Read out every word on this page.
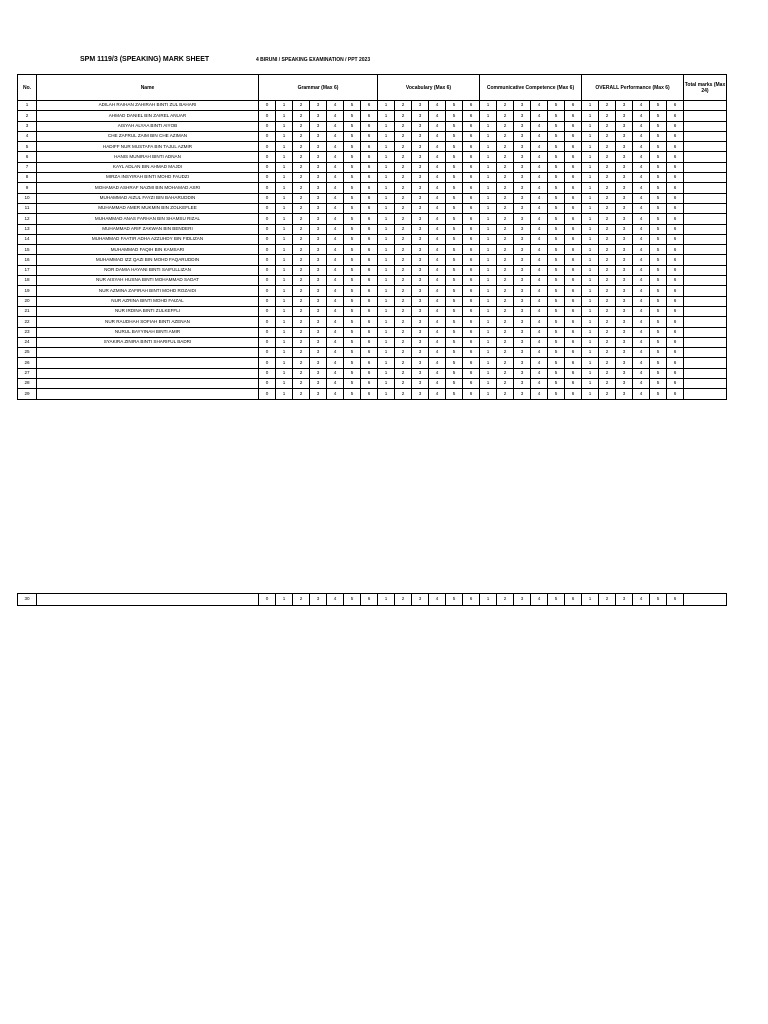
SPM 1119/3 (SPEAKING) MARK SHEET	4 BIRUNI / SPEAKING EXAMINATION / PPT 2023
No.	Name	Grammar (Max 6)							Vocabulary (Max 6)						Communicative Competence (Max 6)						OVERALL Performance (Max 6)						Total marks (Max 24)
1	ADILAH RAIHAN ZAHIRAH BINTI ZUL BAHARI	0	1	2	3	4	5	6	1	2	3	4	5	6	1	2	3	4	5	6	1	2	3	4	5	6	
2	AHMAD DANIEL BIN ZAIREL ANUAR	0	1	2	3	4	5	6	1	2	3	4	5	6	1	2	3	4	5	6	1	2	3	4	5	6	
3	AISYAH ALYAA BINTI AIYOB	0	1	2	3	4	5	6	1	2	3	4	5	6	1	2	3	4	5	6	1	2	3	4	5	6	
4	CHE ZAFRUL ZAIM BIN CHE AZIMAN	0	1	2	3	4	5	6	1	2	3	4	5	6	1	2	3	4	5	6	1	2	3	4	5	6	
5	HADIFF NUR MUSTAFA BIN TAJUL AZMIR	0	1	2	3	4	5	6	1	2	3	4	5	6	1	2	3	4	5	6	1	2	3	4	5	6	
6	HANIS MUNIRAH BINTI ADNAN	0	1	2	3	4	5	6	1	2	3	4	5	6	1	2	3	4	5	6	1	2	3	4	5	6	
7	KAYL ADLAN BIN AHMAD MAJDI	0	1	2	3	4	5	6	1	2	3	4	5	6	1	2	3	4	5	6	1	2	3	4	5	6	
8	MIRZA INSYIRAH BINTI MOHD FAUDZI	0	1	2	3	4	5	6	1	2	3	4	5	6	1	2	3	4	5	6	1	2	3	4	5	6	
9	MOHAMAD ASHRAF NAZMI BIN MOHAMAD ASRI	0	1	2	3	4	5	6	1	2	3	4	5	6	1	2	3	4	5	6	1	2	3	4	5	6	
10	MUHAMMAD AIZUL FAYZI BIN BAHARUDDIN	0	1	2	3	4	5	6	1	2	3	4	5	6	1	2	3	4	5	6	1	2	3	4	5	6	
11	MUHAMMAD AMER MUKMIN BIN ZOLKEFLEE	0	1	2	3	4	5	6	1	2	3	4	5	6	1	2	3	4	5	6	1	2	3	4	5	6	
12	MUHAMMAD ANAS FARHAN BIN SHAMSU RIZAL	0	1	2	3	4	5	6	1	2	3	4	5	6	1	2	3	4	5	6	1	2	3	4	5	6	
13	MUHAMMAD ARIF ZAKWAN BIN BENDERI	0	1	2	3	4	5	6	1	2	3	4	5	6	1	2	3	4	5	6	1	2	3	4	5	6	
14	MUHAMMAD FAATIR ADHA AZZUHDY BIN FIDLIZAN	0	1	2	3	4	5	6	1	2	3	4	5	6	1	2	3	4	5	6	1	2	3	4	5	6	
15	MUHAMMAD FAQIH BIN KAMSARI	0	1	2	3	4	5	6	1	2	3	4	5	6	1	2	3	4	5	6	1	2	3	4	5	6	
16	MUHAMMAD IZZ QAZI BIN MOHD FAQARUDDIN	0	1	2	3	4	5	6	1	2	3	4	5	6	1	2	3	4	5	6	1	2	3	4	5	6	
17	NOR DAMIA HAYANI BINTI SAIFULLIZAN	0	1	2	3	4	5	6	1	2	3	4	5	6	1	2	3	4	5	6	1	2	3	4	5	6	
18	NUR AISYAH HUSNA BINTI MOHAMMAD SADAT	0	1	2	3	4	5	6	1	2	3	4	5	6	1	2	3	4	5	6	1	2	3	4	5	6	
19	NUR AZMINA ZAFIRAH BINTI MOHD ROZAIDI	0	1	2	3	4	5	6	1	2	3	4	5	6	1	2	3	4	5	6	1	2	3	4	5	6	
20	NUR AZRINA BINTI MOHD FAIZAL	0	1	2	3	4	5	6	1	2	3	4	5	6	1	2	3	4	5	6	1	2	3	4	5	6	
21	NUR IRDINA BINTI ZULKEFFLI	0	1	2	3	4	5	6	1	2	3	4	5	6	1	2	3	4	5	6	1	2	3	4	5	6	
22	NUR RAUDHAH SOFIAH BINTI AZENAN	0	1	2	3	4	5	6	1	2	3	4	5	6	1	2	3	4	5	6	1	2	3	4	5	6	
23	NURUL BAYYINAH BINTI AMIR	0	1	2	3	4	5	6	1	2	3	4	5	6	1	2	3	4	5	6	1	2	3	4	5	6	
24	SYAKIRA ZINIRA BINTI SHARIFUL BADRI	0	1	2	3	4	5	6	1	2	3	4	5	6	1	2	3	4	5	6	1	2	3	4	5	6	
25		0	1	2	3	4	5	6	1	2	3	4	5	6	1	2	3	4	5	6	1	2	3	4	5	6	
26		0	1	2	3	4	5	6	1	2	3	4	5	6	1	2	3	4	5	6	1	2	3	4	5	6	
27		0	1	2	3	4	5	6	1	2	3	4	5	6	1	2	3	4	5	6	1	2	3	4	5	6	
28		0	1	2	3	4	5	6	1	2	3	4	5	6	1	2	3	4	5	6	1	2	3	4	5	6	
29		0	1	2	3	4	5	6	1	2	3	4	5	6	1	2	3	4	5	6	1	2	3	4	5	6	
30		0	1	2	3	4	5	6	1	2	3	4	5	6	1	2	3	4	5	6	1	2	3	4	5	6	
